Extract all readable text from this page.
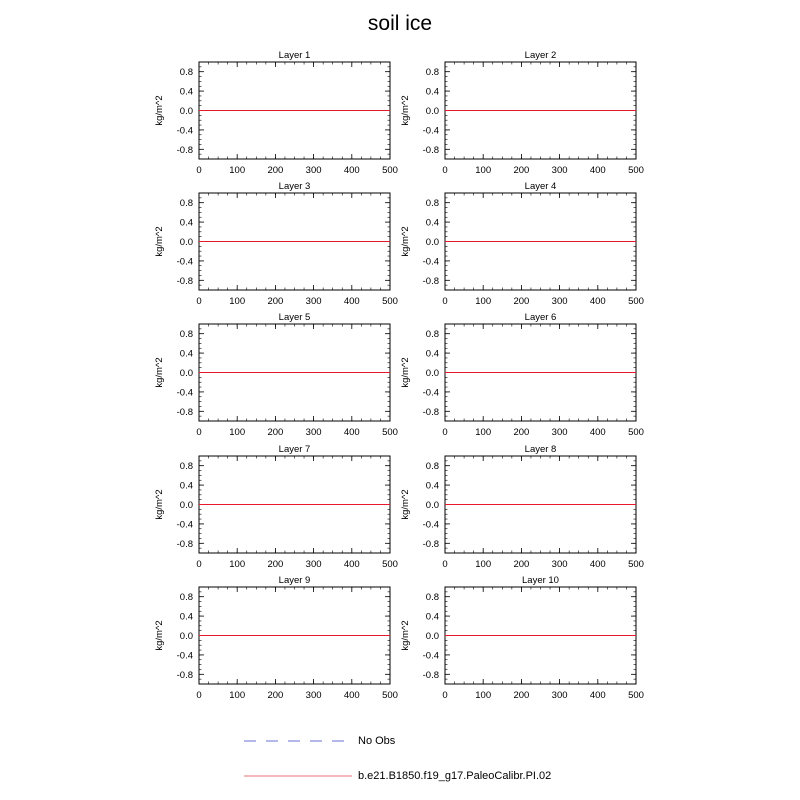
soil ice
Layer 1
kg/m^2
0	100 200 300 400 500
0.8
0.4
0.0
-0.4
-0.8
Layer 2
kg/m^2
0	100 200 300 400 500
0.8
0.4
0.0
-0.4
-0.8
Layer 3
kg/m^2
0	100 200 300 400 500
0.8
0.4
0.0
-0.4
-0.8
Layer 4
kg/m^2
0	100 200 300 400 500
0.8
0.4
0.0
-0.4
-0.8
Layer 5
kg/m^2
0	100 200 300 400 500
0.8
0.4
0.0
-0.4
-0.8
Layer 6
kg/m^2
0	100 200 300 400 500
0.8
0.4
0.0
-0.4
-0.8
Layer 7
kg/m^2
0	100 200 300 400 500
0.8
0.4
0.0
-0.4
-0.8
Layer 8
kg/m^2
0	100 200 300 400 500
0.8
0.4
0.0
-0.4
-0.8
Layer 9
kg/m^2
0	100 200 300 400 500
0.8
0.4
0.0
-0.4
-0.8
Layer 10
kg/m^2
0	100 200 300 400 500
0.8
0.4
0.0
-0.4
-0.8
No Obs
b.e21.B1850.f19_g17.PaleoCalibr.PI.02
